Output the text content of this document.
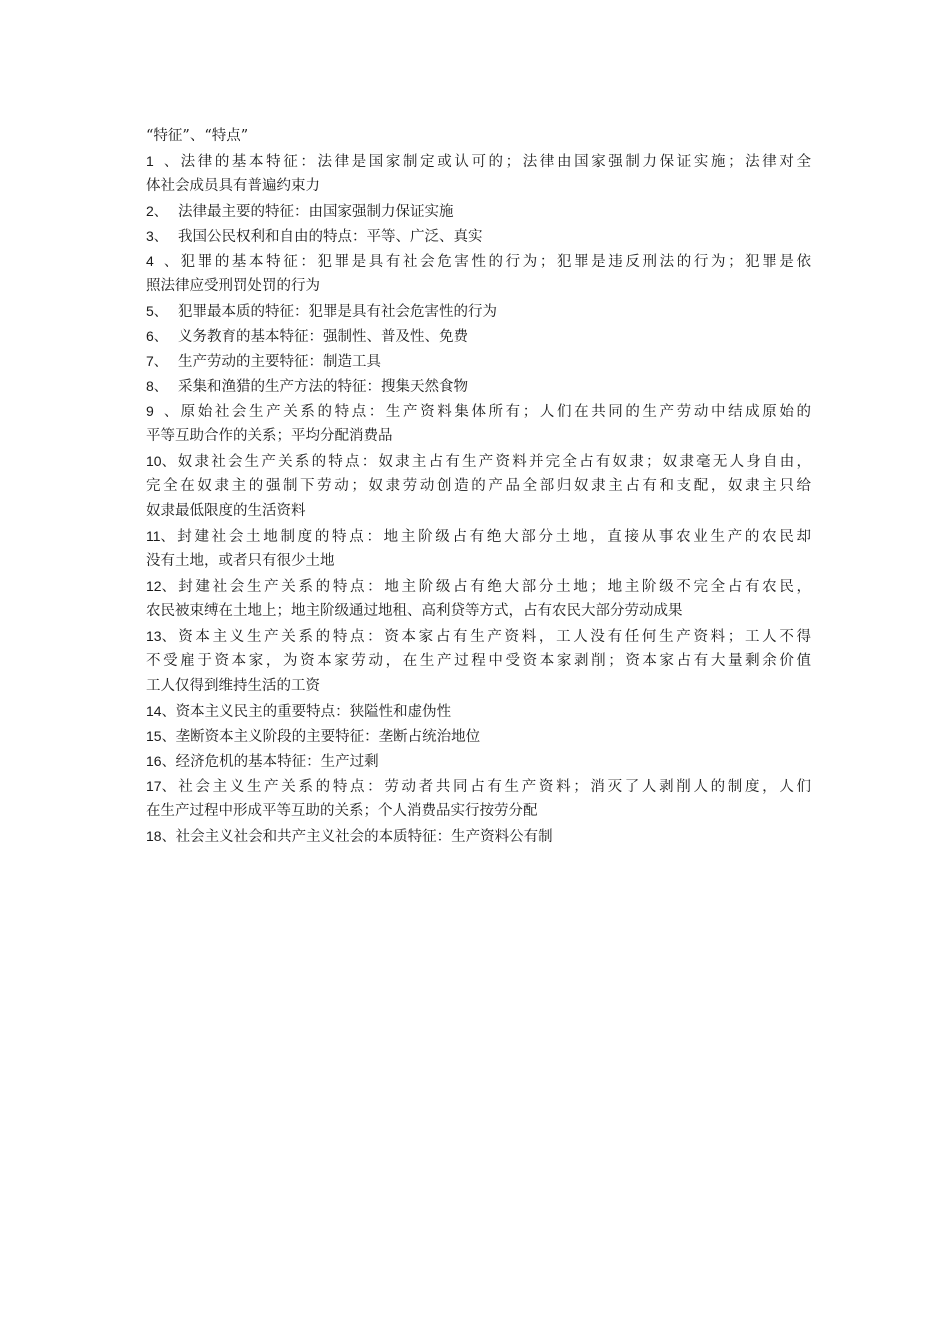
“特征”、“特点”
1、法律的基本特征：法律是国家制定或认可的；法律由国家强制力保证实施；法律对全
体社会成员具有普遍约束力
2、 法律最主要的特征：由国家强制力保证实施
3、 我国公民权利和自由的特点：平等、广泛、真实
4、犯罪的基本特征：犯罪是具有社会危害性的行为；犯罪是违反刑法的行为；犯罪是依
照法律应受刑罚处罚的行为
5、 犯罪最本质的特征：犯罪是具有社会危害性的行为
6、 义务教育的基本特征：强制性、普及性、免费
7、 生产劳动的主要特征：制造工具
8、 采集和渔猎的生产方法的特征：搜集天然食物
9、原始社会生产关系的特点：生产资料集体所有；人们在共同的生产劳动中结成原始的
平等互助合作的关系；平均分配消费品
10、奴隶社会生产关系的特点：奴隶主占有生产资料并完全占有奴隶；奴隶毫无人身自由，
完全在奴隶主的强制下劳动；奴隶劳动创造的产品全部归奴隶主占有和支配，奴隶主只给
奴隶最低限度的生活资料
11、封建社会土地制度的特点：地主阶级占有绝大部分土地，直接从事农业生产的农民却
没有土地，或者只有很少土地
12、封建社会生产关系的特点：地主阶级占有绝大部分土地；地主阶级不完全占有农民，
农民被束缚在土地上；地主阶级通过地租、高利贷等方式，占有农民大部分劳动成果
13、资本主义生产关系的特点：资本家占有生产资料，工人没有任何生产资料；工人不得
不受雇于资本家，为资本家劳动，在生产过程中受资本家剥削；资本家占有大量剩余价值
工人仅得到维持生活的工资
14、资本主义民主的重要特点：狭隘性和虚伪性
15、垄断资本主义阶段的主要特征：垄断占统治地位
16、经济危机的基本特征：生产过剩
17、社会主义生产关系的特点：劳动者共同占有生产资料；消灭了人剥削人的制度，人们
在生产过程中形成平等互助的关系；个人消费品实行按劳分配
18、社会主义社会和共产主义社会的本质特征：生产资料公有制
